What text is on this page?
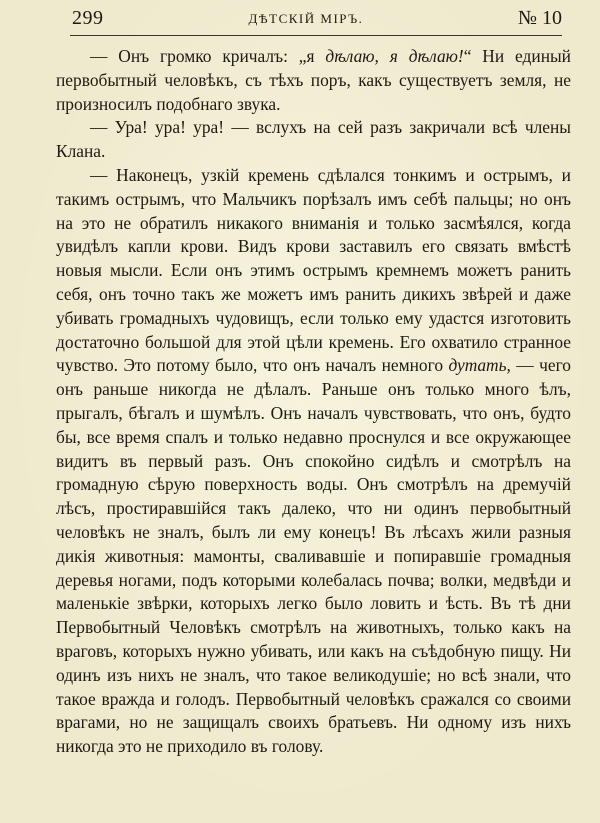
299	ДѢТСКІЙ МІРЪ.	№ 10

— Онъ громко кричалъ: „я дѣлаю, я дѣлаю!“ Ни единый первобытный человѣкъ, съ тѣхъ поръ, какъ существуетъ земля, не произносилъ подобнаго звука.

— Ура! ура! ура! — вслухъ на сей разъ закричали всѣ члены Клана.

— Наконецъ, узкій кремень сдѣлался тонкимъ и острымъ, и такимъ острымъ, что Мальчикъ порѣзалъ имъ себѣ пальцы; но онъ на это не обратилъ никакого вниманія и только засмѣялся, когда увидѣлъ капли крови. Видъ крови заставилъ его связать вмѣстѣ новыя мысли. Если онъ этимъ острымъ кремнемъ можетъ ранить себя, онъ точно такъ же можетъ имъ ранить дикихъ звѣрей и даже убивать громадныхъ чудовищъ, если только ему удастся изготовить достаточно большой для этой цѣли кремень. Его охватило странное чувство. Это потому было, что онъ началъ немного дуmать, — чего онъ раньше никогда не дѣлалъ. Раньше онъ только много ѣлъ, прыгалъ, бѣгалъ и шумѣлъ. Онъ началъ чувствовать, что онъ, будто бы, все время спалъ и только недавно проснулся и все окружающее видитъ въ первый разъ. Онъ спокойно сидѣлъ и смотрѣлъ на громадную сѣрую поверхность воды. Онъ смотрѣлъ на дремучій лѣсъ, простиравшійся такъ далеко, что ни одинъ первобытный человѣкъ не зналъ, былъ ли ему конецъ! Въ лѣсахъ жили разныя дикія животныя: мамонты, сваливавшіе и попиравшіе громадныя деревья ногами, подъ которыми колебалась почва; волки, медвѣди и маленькіе звѣрки, которыхъ легко было ловить и ѣсть. Въ тѣ дни Первобытный Человѣкъ смотрѣлъ на животныхъ, только какъ на враговъ, которыхъ нужно убивать, или какъ на съѣдобную пищу. Ни одинъ изъ нихъ не зналъ, что такое великодушіе; но всѣ знали, что такое вражда и голодъ. Первобытный человѣкъ сражался со своими врагами, но не защищалъ своихъ братьевъ. Ни одному изъ нихъ никогда это не приходило въ голову.
